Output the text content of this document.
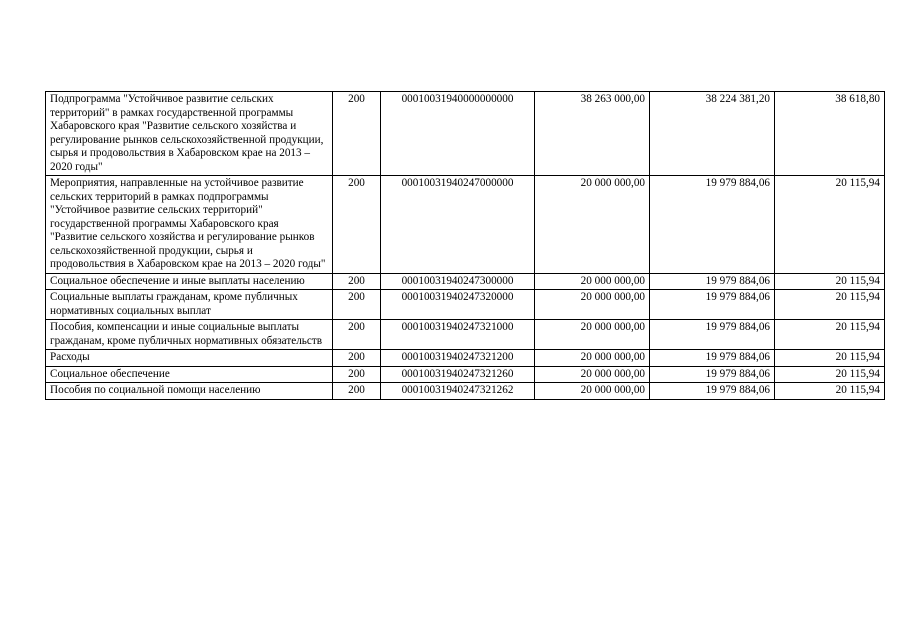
Подпрограмма "Устойчивое развитие сельских территорий" в рамках государственной программы Хабаровского края "Развитие сельского хозяйства и регулирование рынков сельскохозяйственной продукции, сырья и продовольствия в Хабаровском крае на 2013 – 2020 годы"	200	00010031940000000000	38 263 000,00	38 224 381,20	38 618,80
Мероприятия, направленные на устойчивое развитие сельских территорий в рамках подпрограммы "Устойчивое развитие сельских территорий" государственной программы Хабаровского края "Развитие сельского хозяйства и регулирование рынков сельскохозяйственной продукции, сырья и продовольствия в Хабаровском крае на 2013 – 2020 годы"	200	00010031940247000000	20 000 000,00	19 979 884,06	20 115,94
Социальное обеспечение и иные выплаты населению	200	00010031940247300000	20 000 000,00	19 979 884,06	20 115,94
Социальные выплаты гражданам, кроме публичных нормативных социальных выплат	200	00010031940247320000	20 000 000,00	19 979 884,06	20 115,94
Пособия, компенсации и иные социальные выплаты гражданам, кроме публичных нормативных обязательств	200	00010031940247321000	20 000 000,00	19 979 884,06	20 115,94
Расходы	200	00010031940247321200	20 000 000,00	19 979 884,06	20 115,94
Социальное обеспечение	200	00010031940247321260	20 000 000,00	19 979 884,06	20 115,94
Пособия по социальной помощи населению	200	00010031940247321262	20 000 000,00	19 979 884,06	20 115,94
